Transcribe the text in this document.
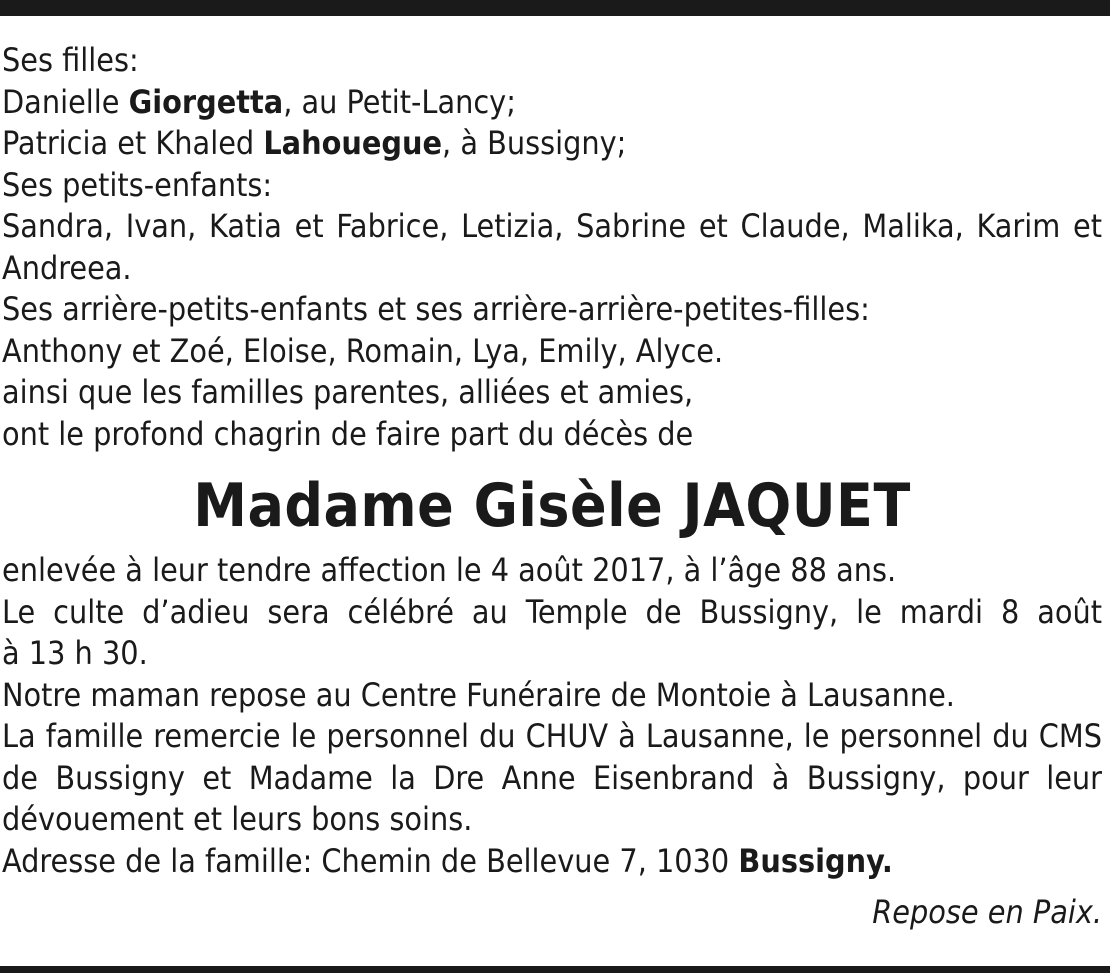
Ses filles:
Danielle Giorgetta, au Petit-Lancy;
Patricia et Khaled Lahouegue, à Bussigny;
Ses petits-enfants:
Sandra, Ivan, Katia et Fabrice, Letizia, Sabrine et Claude, Malika, Karim et
Andreea.
Ses arrière-petits-enfants et ses arrière-arrière-petites-filles:
Anthony et Zoé, Eloise, Romain, Lya, Emily, Alyce.
ainsi que les familles parentes, alliées et amies,
ont le profond chagrin de faire part du décès de
Madame Gisèle JAQUET
enlevée à leur tendre affection le 4 août 2017, à l’âge 88 ans.
Le culte d’adieu sera célébré au Temple de Bussigny, le mardi 8 août
à 13 h 30.
Notre maman repose au Centre Funéraire de Montoie à Lausanne.
La famille remercie le personnel du CHUV à Lausanne, le personnel du CMS
de Bussigny et Madame la Dre Anne Eisenbrand à Bussigny, pour leur
dévouement et leurs bons soins.
Adresse de la famille: Chemin de Bellevue 7, 1030 Bussigny.
Repose en Paix.
